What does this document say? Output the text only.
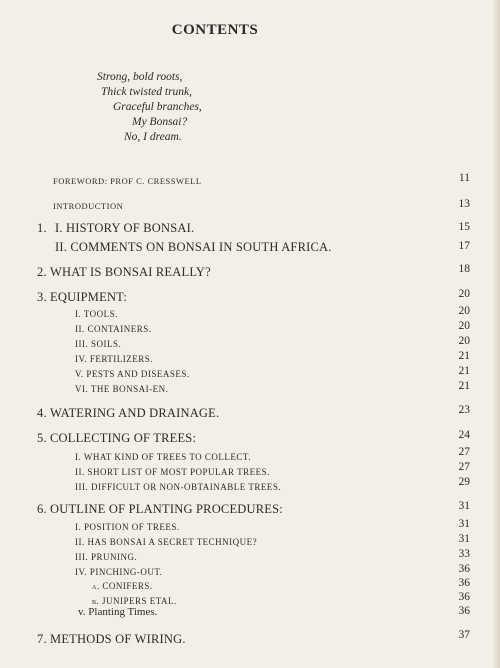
CONTENTS
Strong, bold roots,
Thick twisted trunk,
Graceful branches,
My Bonsai?
No, I dream.
FOREWORD: PROF C. CRESSWELL	11
INTRODUCTION	13
1. I. HISTORY OF BONSAI.	15
II. COMMENTS ON BONSAI IN SOUTH AFRICA.	17
2. WHAT IS BONSAI REALLY?	18
3. EQUIPMENT:	20
I. TOOLS.	20
II. CONTAINERS.	20
III. SOILS.	20
IV. FERTILIZERS.	21
V. PESTS AND DISEASES.	21
VI. THE BONSAI-EN.	21
4. WATERING AND DRAINAGE.	23
5. COLLECTING OF TREES:	24
I. WHAT KIND OF TREES TO COLLECT.	27
II. SHORT LIST OF MOST POPULAR TREES.	27
III. DIFFICULT OR NON-OBTAINABLE TREES.	29
6. OUTLINE OF PLANTING PROCEDURES:	31
I. POSITION OF TREES.	31
II. HAS BONSAI A SECRET TECHNIQUE?	31
III. PRUNING.	33
IV. PINCHING-OUT.	36
a. CONIFERS.	36
b. JUNIPERS ETAL.	36
v. Planting Times.	36
7. METHODS OF WIRING.	37
